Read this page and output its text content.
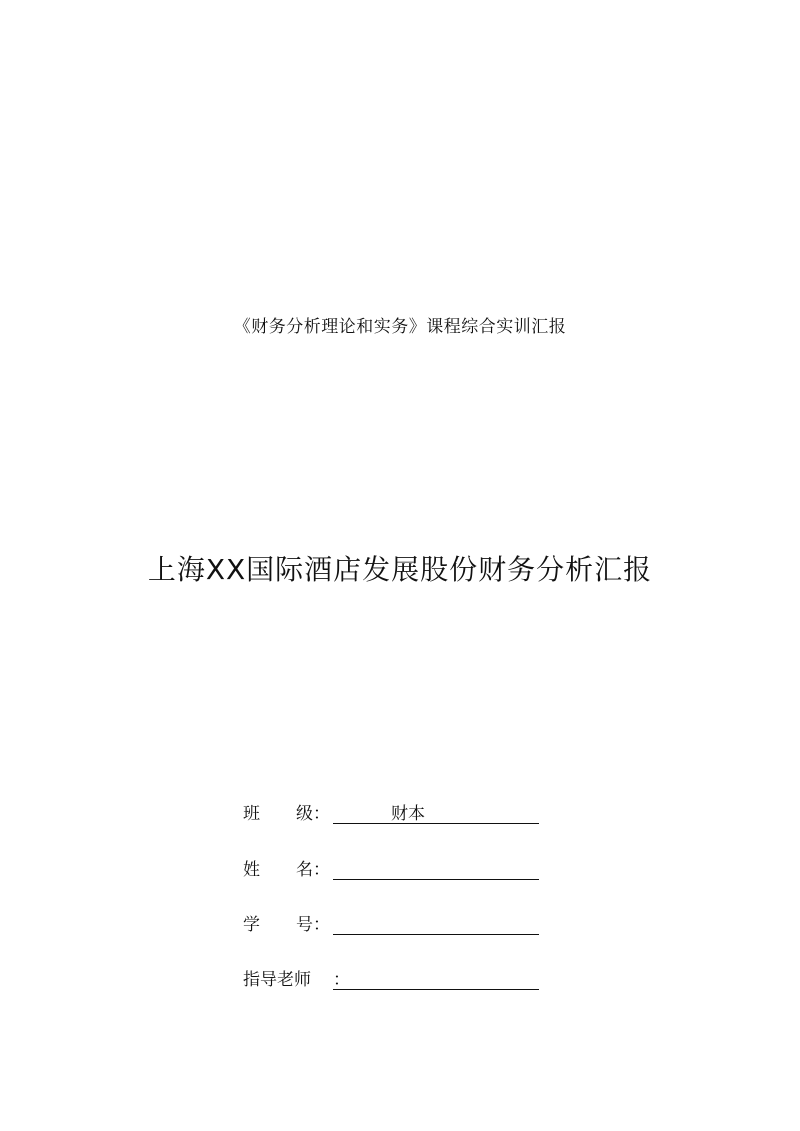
《财务分析理论和实务》课程综合实训汇报
上海XX国际酒店发展股份财务分析汇报
班 级 ：	财本
姓 名 ：
学 号 ：
指导老师	：
